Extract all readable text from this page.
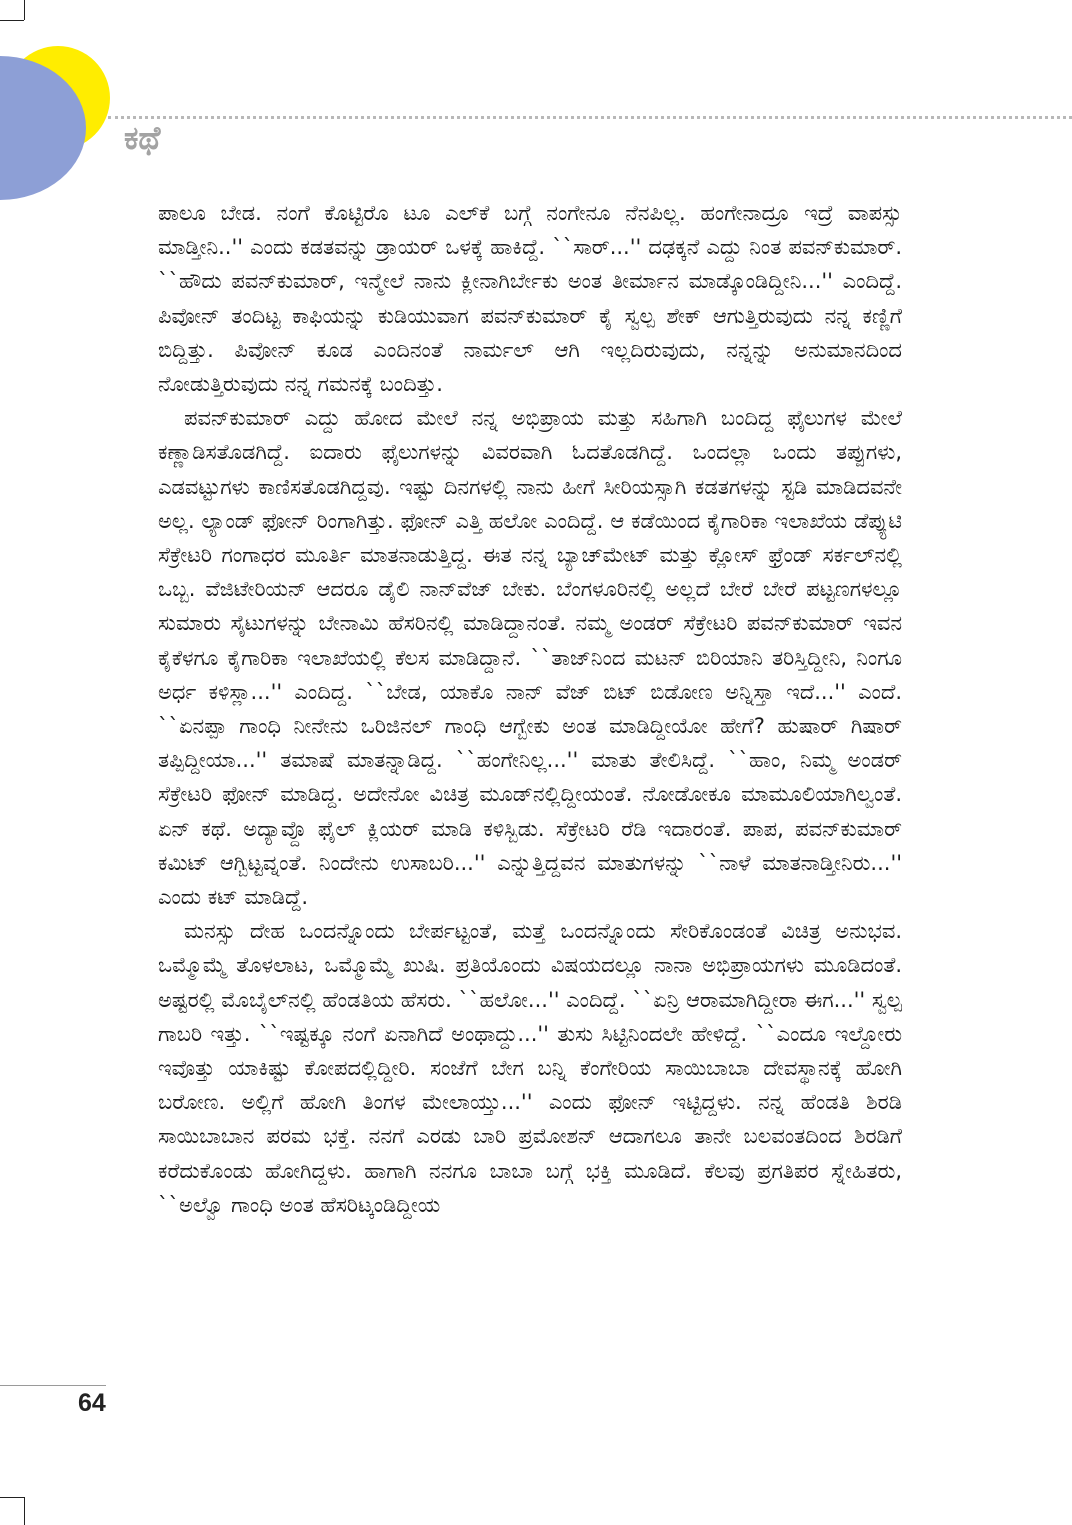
ಕಥೆ

ಪಾಲೂ ಬೇಡ. ನಂಗೆ ಕೊಟ್ಟಿರೊ ಟೂ ಎಲ್‌ಕೆ ಬಗ್ಗೆ ನಂಗೇನೂ ನೆನಪಿಲ್ಲ. ಹಂಗೇನಾದ್ರೂ ಇದ್ರೆ ವಾಪಸ್ಸು ಮಾಡ್ತೀನಿ..'' ಎಂದು ಕಡತವನ್ನು ಡ್ರಾಯರ್ ಒಳಕ್ಕೆ ಹಾಕಿದ್ದೆ. ``ಸಾರ್...'' ದಢಕ್ಕನೆ ಎದ್ದು ನಿಂತ ಪವನ್‌ಕುಮಾರ್. ``ಹೌದು ಪವನ್‌ಕುಮಾರ್, ಇನ್ಮೇಲೆ ನಾನು ಕ್ಲೀನಾಗಿರ್ಬೇಕು ಅಂತ ತೀರ್ಮಾನ ಮಾಡ್ಕೊಂಡಿದ್ದೀನಿ...'' ಎಂದಿದ್ದೆ. ಪಿವೋನ್ ತಂದಿಟ್ಟ ಕಾಫಿಯನ್ನು ಕುಡಿಯುವಾಗ ಪವನ್‌ಕುಮಾರ್ ಕೈ ಸ್ವಲ್ಪ ಶೇಕ್ ಆಗುತ್ತಿರುವುದು ನನ್ನ ಕಣ್ಣಿಗೆ ಬಿದ್ದಿತ್ತು. ಪಿವೋನ್ ಕೂಡ ಎಂದಿನಂತೆ ನಾರ್ಮಲ್ ಆಗಿ ಇಲ್ಲದಿರುವುದು, ನನ್ನನ್ನು ಅನುಮಾನದಿಂದ ನೋಡುತ್ತಿರುವುದು ನನ್ನ ಗಮನಕ್ಕೆ ಬಂದಿತ್ತು.

ಪವನ್‌ಕುಮಾರ್ ಎದ್ದು ಹೋದ ಮೇಲೆ ನನ್ನ ಅಭಿಪ್ರಾಯ ಮತ್ತು ಸಹಿಗಾಗಿ ಬಂದಿದ್ದ ಫೈಲುಗಳ ಮೇಲೆ ಕಣ್ಣಾಡಿಸತೊಡಗಿದ್ದೆ. ಐದಾರು ಫೈಲುಗಳನ್ನು ವಿವರವಾಗಿ ಓದತೊಡಗಿದ್ದೆ. ಒಂದಲ್ಲಾ ಒಂದು ತಪ್ಪುಗಳು, ಎಡವಟ್ಟುಗಳು ಕಾಣಿಸತೊಡಗಿದ್ದವು. ಇಷ್ಟು ದಿನಗಳಲ್ಲಿ ನಾನು ಹೀಗೆ ಸೀರಿಯಸ್ಸಾಗಿ ಕಡತಗಳನ್ನು ಸ್ಟಡಿ ಮಾಡಿದವನೇ ಅಲ್ಲ. ಲ್ಯಾಂಡ್ ಫೋನ್ ರಿಂಗಾಗಿತ್ತು. ಫೋನ್ ಎತ್ತಿ ಹಲೋ ಎಂದಿದ್ದೆ. ಆ ಕಡೆಯಿಂದ ಕೈಗಾರಿಕಾ ಇಲಾಖೆಯ ಡೆಪ್ಯುಟಿ ಸೆಕ್ರೇಟರಿ ಗಂಗಾಧರ ಮೂರ್ತಿ ಮಾತನಾಡುತ್ತಿದ್ದ. ಈತ ನನ್ನ ಬ್ಯಾಚ್‌ಮೇಟ್ ಮತ್ತು ಕ್ಲೋಸ್ ಫ್ರೆಂಡ್ ಸರ್ಕಲ್‌ನಲ್ಲಿ ಒಬ್ಬ. ವೆಜಿಟೇರಿಯನ್ ಆದರೂ ಡೈಲಿ ನಾನ್‌ವೆಜ್ ಬೇಕು. ಬೆಂಗಳೂರಿನಲ್ಲಿ ಅಲ್ಲದೆ ಬೇರೆ ಬೇರೆ ಪಟ್ಟಣಗಳಲ್ಲೂ ಸುಮಾರು ಸೈಟುಗಳನ್ನು ಬೇನಾಮಿ ಹೆಸರಿನಲ್ಲಿ ಮಾಡಿದ್ದಾನಂತೆ. ನಮ್ಮ ಅಂಡರ್ ಸೆಕ್ರೇಟರಿ ಪವನ್‌ಕುಮಾರ್ ಇವನ ಕೈಕೆಳಗೂ ಕೈಗಾರಿಕಾ ಇಲಾಖೆಯಲ್ಲಿ ಕೆಲಸ ಮಾಡಿದ್ದಾನೆ. ``ತಾಜ್‌ನಿಂದ ಮಟನ್ ಬಿರಿಯಾನಿ ತರಿಸ್ತಿದ್ದೀನಿ, ನಿಂಗೂ ಅರ್ಧ ಕಳಿಸ್ಲಾ...'' ಎಂದಿದ್ದ. ``ಬೇಡ, ಯಾಕೊ ನಾನ್ ವೆಜ್ ಬಿಟ್ ಬಿಡೋಣ ಅನ್ನಿಸ್ತಾ ಇದೆ...'' ಎಂದೆ. ``ಏನಪ್ಪಾ ಗಾಂಧಿ ನೀನೇನು ಒರಿಜಿನಲ್ ಗಾಂಧಿ ಆಗ್ಬೇಕು ಅಂತ ಮಾಡಿದ್ದೀಯೋ ಹೇಗೆ? ಹುಷಾರ್ ಗಿಷಾರ್ ತಪ್ಪಿದ್ದೀಯಾ...'' ತಮಾಷೆ ಮಾತನ್ನಾಡಿದ್ದ. ``ಹಂಗೇನಿಲ್ಲ...'' ಮಾತು ತೇಲಿಸಿದ್ದೆ. ``ಹಾಂ, ನಿಮ್ಮ ಅಂಡರ್ ಸೆಕ್ರೇಟರಿ ಫೋನ್ ಮಾಡಿದ್ದ. ಅದೇನೋ ವಿಚಿತ್ರ ಮೂಡ್‌ನಲ್ಲಿದ್ದೀಯಂತೆ. ನೋಡೋಕೂ ಮಾಮೂಲಿಯಾಗಿಲ್ವಂತೆ. ಏನ್ ಕಥೆ. ಅದ್ಯಾವ್ದೊ ಫೈಲ್ ಕ್ಲಿಯರ್ ಮಾಡಿ ಕಳಿಸ್ಬಿಡು. ಸೆಕ್ರೇಟರಿ ರೆಡಿ ಇದಾರಂತೆ. ಪಾಪ, ಪವನ್‌ಕುಮಾರ್ ಕಮಿಟ್ ಆಗ್ಬಿಟ್ಟವ್ನಂತೆ. ನಿಂದೇನು ಉಸಾಬರಿ...'' ಎನ್ನುತ್ತಿದ್ದವನ ಮಾತುಗಳನ್ನು ``ನಾಳೆ ಮಾತನಾಡ್ತೀನಿರು...'' ಎಂದು ಕಟ್ ಮಾಡಿದ್ದೆ.

ಮನಸ್ಸು ದೇಹ ಒಂದನ್ನೊಂದು ಬೇರ್ಪಟ್ಟಂತೆ, ಮತ್ತೆ ಒಂದನ್ನೊಂದು ಸೇರಿಕೊಂಡಂತೆ ವಿಚಿತ್ರ ಅನುಭವ. ಒಮ್ಮೊಮ್ಮೆ ತೊಳಲಾಟ, ಒಮ್ಮೊಮ್ಮೆ ಖುಷಿ. ಪ್ರತಿಯೊಂದು ವಿಷಯದಲ್ಲೂ ನಾನಾ ಅಭಿಪ್ರಾಯಗಳು ಮೂಡಿದಂತೆ. ಅಷ್ಟರಲ್ಲಿ ಮೊಬೈಲ್‌ನಲ್ಲಿ ಹೆಂಡತಿಯ ಹೆಸರು. ``ಹಲೋ...'' ಎಂದಿದ್ದೆ. ``ಏನ್ರಿ ಆರಾಮಾಗಿದ್ದೀರಾ ಈಗ...'' ಸ್ವಲ್ಪ ಗಾಬರಿ ಇತ್ತು. ``ಇಷ್ಟಕ್ಕೂ ನಂಗೆ ಏನಾಗಿದೆ ಅಂಥಾದ್ದು...'' ತುಸು ಸಿಟ್ಟಿನಿಂದಲೇ ಹೇಳಿದ್ದೆ. ``ಎಂದೂ ಇಲ್ದೋರು ಇವೊತ್ತು ಯಾಕಿಷ್ಟು ಕೋಪದಲ್ಲಿದ್ದೀರಿ. ಸಂಜೆಗೆ ಬೇಗ ಬನ್ನಿ ಕೆಂಗೇರಿಯ ಸಾಯಿಬಾಬಾ ದೇವಸ್ಥಾನಕ್ಕೆ ಹೋಗಿ ಬರೋಣ. ಅಲ್ಲಿಗೆ ಹೋಗಿ ತಿಂಗಳ ಮೇಲಾಯ್ತು...'' ಎಂದು ಫೋನ್ ಇಟ್ಟಿದ್ದಳು. ನನ್ನ ಹೆಂಡತಿ ಶಿರಡಿ ಸಾಯಿಬಾಬಾನ ಪರಮ ಭಕ್ತೆ. ನನಗೆ ಎರಡು ಬಾರಿ ಪ್ರಮೋಶನ್ ಆದಾಗಲೂ ತಾನೇ ಬಲವಂತದಿಂದ ಶಿರಡಿಗೆ ಕರೆದುಕೊಂಡು ಹೋಗಿದ್ದಳು. ಹಾಗಾಗಿ ನನಗೂ ಬಾಬಾ ಬಗ್ಗೆ ಭಕ್ತಿ ಮೂಡಿದೆ. ಕೆಲವು ಪ್ರಗತಿಪರ ಸ್ನೇಹಿತರು, ``ಅಲ್ವೊ ಗಾಂಧಿ ಅಂತ ಹೆಸರಿಟ್ಕಂಡಿದ್ದೀಯ

64
